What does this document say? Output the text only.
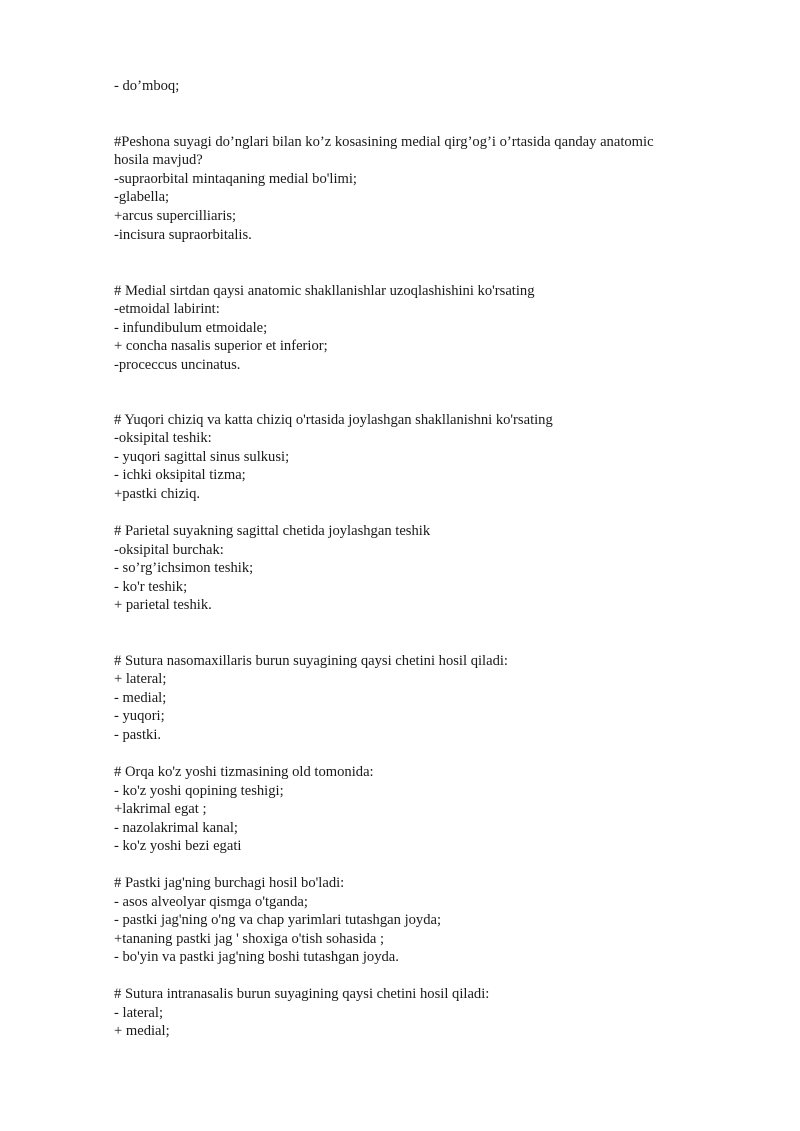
- do’mboq;
#Peshona suyagi do’nglari bilan ko’z kosasining medial qirg’og’i o’rtasida qanday anatomic
hosila mavjud?
-supraorbital mintaqaning medial bo'limi;
-glabella;
+arcus supercilliaris;
-incisura supraorbitalis.
# Medial sirtdan qaysi anatomic shakllanishlar uzoqlashishini ko'rsating
-etmoidal labirint:
- infundibulum etmoidale;
+ concha nasalis superior et inferior;
-proceccus uncinatus.
# Yuqori chiziq va katta chiziq o'rtasida joylashgan shakllanishni ko'rsating
-oksipital teshik:
- yuqori sagittal sinus sulkusi;
- ichki oksipital tizma;
+pastki chiziq.
# Parietal suyakning sagittal chetida joylashgan teshik
-oksipital burchak:
- so’rg’ichsimon teshik;
- ko'r teshik;
+ parietal teshik.
# Sutura nasomaxillaris burun suyagining qaysi chetini hosil qiladi:
+ lateral;
- medial;
- yuqori;
- pastki.
# Orqa ko'z yoshi tizmasining old tomonida:
- ko'z yoshi qopining teshigi;
+lakrimal egat ;
- nazolakrimal kanal;
- ko'z yoshi bezi egati
# Pastki jag'ning burchagi hosil bo'ladi:
- asos alveolyar qismga o'tganda;
- pastki jag'ning o'ng va chap yarimlari tutashgan joyda;
+tananing pastki jag ' shoxiga o'tish sohasida ;
- bo'yin va pastki jag'ning boshi tutashgan joyda.
# Sutura intranasalis burun suyagining qaysi chetini hosil qiladi:
- lateral;
+ medial;
